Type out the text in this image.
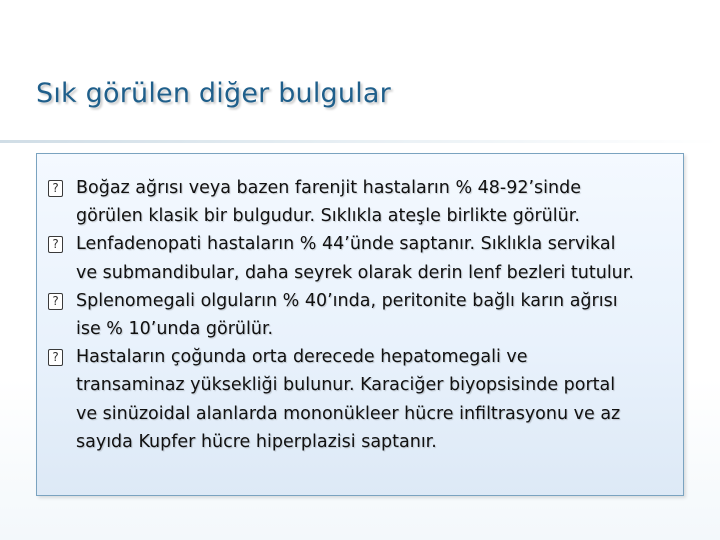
Sık görülen diğer bulgular
?
Boğaz ağrısı veya bazen farenjit hastaların % 48-92’sinde
görülen klasik bir bulgudur. Sıklıkla ateşle birlikte görülür.
?
Lenfadenopati hastaların % 44’ünde saptanır. Sıklıkla servikal
ve submandibular, daha seyrek olarak derin lenf bezleri tutulur.
?
Splenomegali olguların % 40’ında, peritonite bağlı karın ağrısı
ise % 10’unda görülür.
?
Hastaların çoğunda orta derecede hepatomegali ve
transaminaz yüksekliği bulunur. Karaciğer biyopsisinde portal
ve sinüzoidal alanlarda mononükleer hücre infiltrasyonu ve az
sayıda Kupfer hücre hiperplazisi saptanır.
